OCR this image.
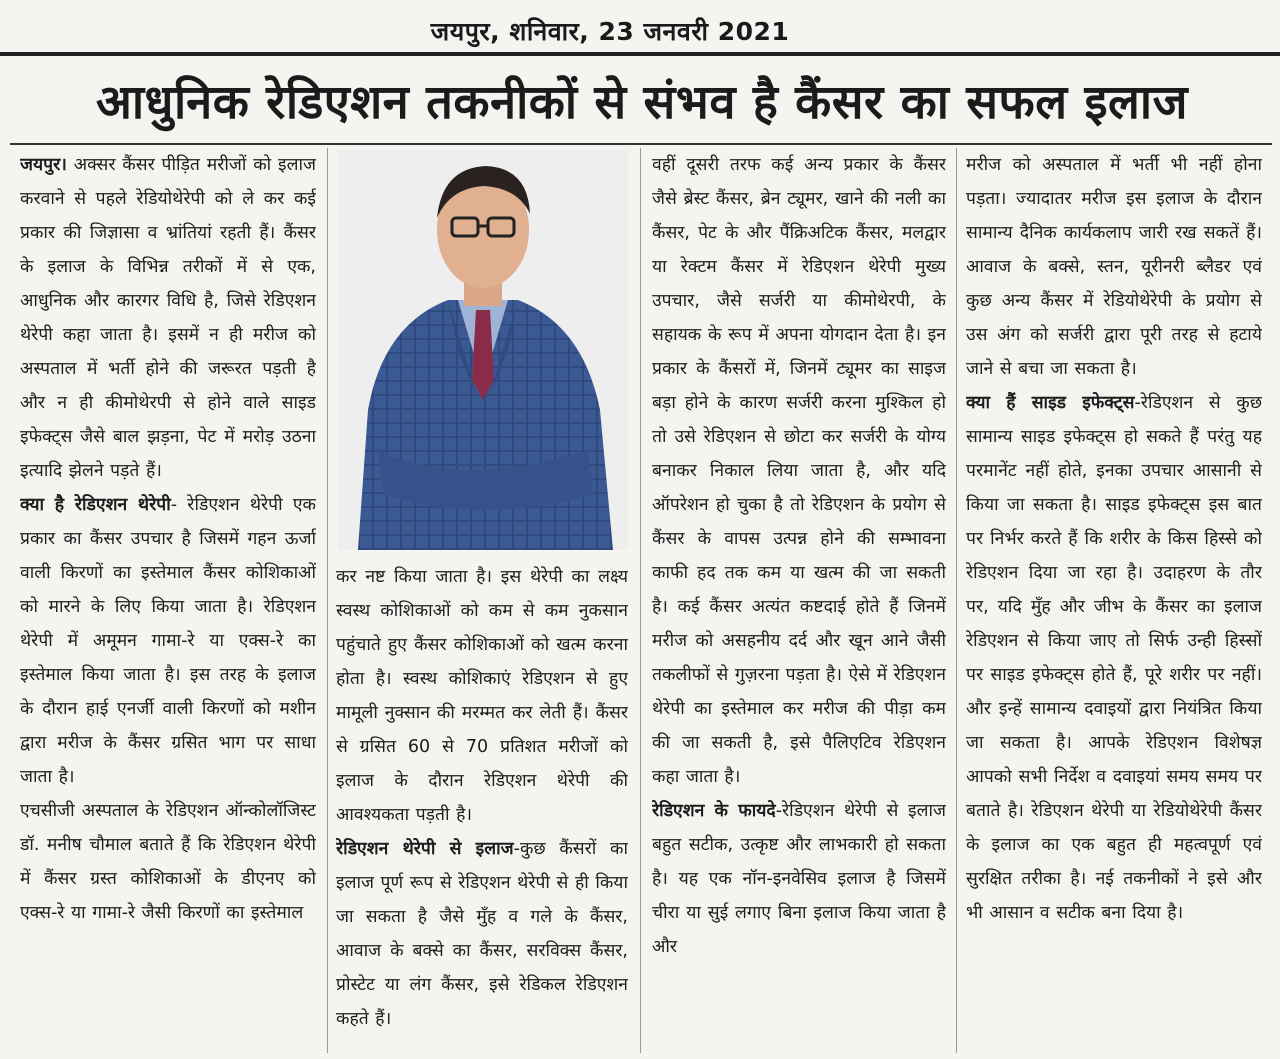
जयपुर, शनिवार, 23 जनवरी 2021
आधुनिक रेडिएशन तकनीकों से संभव है कैंसर का सफल इलाज

जयपुर। अक्सर कैंसर पीड़ित मरीजों को इलाज करवाने से पहले रेडियोथेरेपी को ले कर कई प्रकार की जिज्ञासा व भ्रांतियां रहती हैं। कैंसर के इलाज के विभिन्न तरीकों में से एक, आधुनिक और कारगर विधि है, जिसे रेडिएशन थेरेपी कहा जाता है। इसमें न ही मरीज को अस्पताल में भर्ती होने की जरूरत पड़ती है और न ही कीमोथेरपी से होने वाले साइड इफेक्ट्स जैसे बाल झड़ना, पेट में मरोड़ उठना इत्यादि झेलने पड़ते हैं।

क्या है रेडिएशन थेरेपी- रेडिएशन थेरेपी एक प्रकार का कैंसर उपचार है जिसमें गहन ऊर्जा वाली किरणों का इस्तेमाल कैंसर कोशिकाओं को मारने के लिए किया जाता है। रेडिएशन थेरेपी में अमूमन गामा-रे या एक्स-रे का इस्तेमाल किया जाता है। इस तरह के इलाज के दौरान हाई एनर्जी वाली किरणों को मशीन द्वारा मरीज के कैंसर ग्रसित भाग पर साधा जाता है।

एचसीजी अस्पताल के रेडिएशन ऑन्कोलॉजिस्ट डॉ. मनीष चौमाल बताते हैं कि रेडिएशन थेरेपी में कैंसर ग्रस्त कोशिकाओं के डीएनए को एक्स-रे या गामा-रे जैसी किरणों का इस्तेमाल

कर नष्ट किया जाता है। इस थेरेपी का लक्ष्य स्वस्थ कोशिकाओं को कम से कम नुकसान पहुंचाते हुए कैंसर कोशिकाओं को खत्म करना होता है। स्वस्थ कोशिकाएं रेडिएशन से हुए मामूली नुक्सान की मरम्मत कर लेती हैं। कैंसर से ग्रसित 60 से 70 प्रतिशत मरीजों को इलाज के दौरान रेडिएशन थेरेपी की आवश्यकता पड़ती है।

रेडिएशन थेरेपी से इलाज-कुछ कैंसरों का इलाज पूर्ण रूप से रेडिएशन थेरेपी से ही किया जा सकता है जैसे मुँह व गले के कैंसर, आवाज के बक्से का कैंसर, सरविक्स कैंसर, प्रोस्टेट या लंग कैंसर, इसे रेडिकल रेडिएशन कहते हैं।

वहीं दूसरी तरफ कई अन्य प्रकार के कैंसर जैसे ब्रेस्ट कैंसर, ब्रेन ट्यूमर, खाने की नली का कैंसर, पेट के और पैंक्रिअटिक कैंसर, मलद्वार या रेक्टम कैंसर में रेडिएशन थेरेपी मुख्य उपचार, जैसे सर्जरी या कीमोथेरपी, के सहायक के रूप में अपना योगदान देता है। इन प्रकार के कैंसरों में, जिनमें ट्यूमर का साइज बड़ा होने के कारण सर्जरी करना मुश्किल हो तो उसे रेडिएशन से छोटा कर सर्जरी के योग्य बनाकर निकाल लिया जाता है, और यदि ऑपरेशन हो चुका है तो रेडिएशन के प्रयोग से कैंसर के वापस उत्पन्न होने की सम्भावना काफी हद तक कम या खत्म की जा सकती है। कई कैंसर अत्यंत कष्टदाई होते हैं जिनमें मरीज को असहनीय दर्द और खून आने जैसी तकलीफों से गुज़रना पड़ता है। ऐसे में रेडिएशन थेरेपी का इस्तेमाल कर मरीज की पीड़ा कम की जा सकती है, इसे पैलिएटिव रेडिएशन कहा जाता है।

रेडिएशन के फायदे-रेडिएशन थेरेपी से इलाज बहुत सटीक, उत्कृष्ट और लाभकारी हो सकता है। यह एक नॉन-इनवेसिव इलाज है जिसमें चीरा या सुई लगाए बिना इलाज किया जाता है और

मरीज को अस्पताल में भर्ती भी नहीं होना पड़ता। ज्यादातर मरीज इस इलाज के दौरान सामान्य दैनिक कार्यकलाप जारी रख सकतें हैं। आवाज के बक्से, स्तन, यूरीनरी ब्लैडर एवं कुछ अन्य कैंसर में रेडियोथेरेपी के प्रयोग से उस अंग को सर्जरी द्वारा पूरी तरह से हटाये जाने से बचा जा सकता है।

क्या हैं साइड इफेक्ट्स-रेडिएशन से कुछ सामान्य साइड इफेक्ट्स हो सकते हैं परंतु यह परमानेंट नहीं होते, इनका उपचार आसानी से किया जा सकता है। साइड इफेक्ट्स इस बात पर निर्भर करते हैं कि शरीर के किस हिस्से को रेडिएशन दिया जा रहा है। उदाहरण के तौर पर, यदि मुँह और जीभ के कैंसर का इलाज रेडिएशन से किया जाए तो सिर्फ उन्ही हिस्सों पर साइड इफेक्ट्स होते हैं, पूरे शरीर पर नहीं। और इन्हें सामान्य दवाइयों द्वारा नियंत्रित किया जा सकता है। आपके रेडिएशन विशेषज्ञ आपको सभी निर्देश व दवाइयां समय समय पर बताते है। रेडिएशन थेरेपी या रेडियोथेरेपी कैंसर के इलाज का एक बहुत ही महत्वपूर्ण एवं सुरक्षित तरीका है। नई तकनीकों ने इसे और भी आसान व सटीक बना दिया है।
